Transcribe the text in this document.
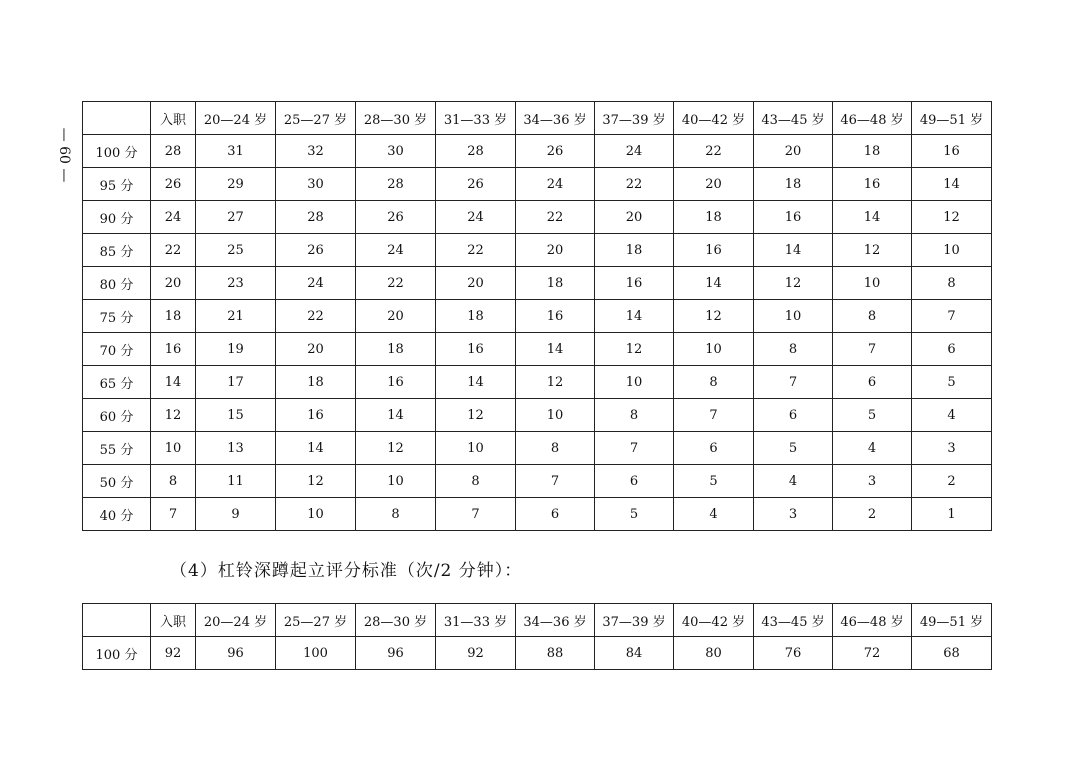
— 60 —
	入职	20—24 岁	25—27 岁	28—30 岁	31—33 岁	34—36 岁	37—39 岁	40—42 岁	43—45 岁	46—48 岁	49—51 岁
100 分	28	31	32	30	28	26	24	22	20	18	16
95 分	26	29	30	28	26	24	22	20	18	16	14
90 分	24	27	28	26	24	22	20	18	16	14	12
85 分	22	25	26	24	22	20	18	16	14	12	10
80 分	20	23	24	22	20	18	16	14	12	10	8
75 分	18	21	22	20	18	16	14	12	10	8	7
70 分	16	19	20	18	16	14	12	10	8	7	6
65 分	14	17	18	16	14	12	10	8	7	6	5
60 分	12	15	16	14	12	10	8	7	6	5	4
55 分	10	13	14	12	10	8	7	6	5	4	3
50 分	8	11	12	10	8	7	6	5	4	3	2
40 分	7	9	10	8	7	6	5	4	3	2	1
（4）杠铃深蹲起立评分标准（次/2 分钟）：
	入职	20—24 岁	25—27 岁	28—30 岁	31—33 岁	34—36 岁	37—39 岁	40—42 岁	43—45 岁	46—48 岁	49—51 岁
100 分	92	96	100	96	92	88	84	80	76	72	68
